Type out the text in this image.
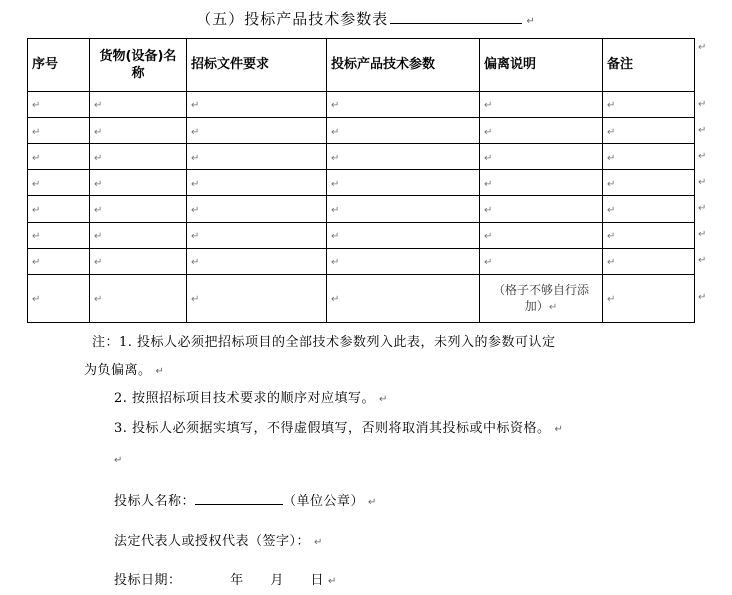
（五）投标产品技术参数表	↵
序号	货物(设备)名称	招标文件要求	投标产品技术参数	偏离说明	备注
↵	↵	↵	↵	↵	↵
↵	↵	↵	↵	↵	↵
↵	↵	↵	↵	↵	↵
↵	↵	↵	↵	↵	↵
↵	↵	↵	↵	↵	↵
↵	↵	↵	↵	↵	↵
↵	↵	↵	↵	↵	↵
↵	↵	↵	↵	（格子不够自行添加）↵	↵
↵
↵
↵
↵
↵
↵
↵
↵
↵
注：1. 投标人必须把招标项目的全部技术参数列入此表，未列入的参数可认定
为负偏离。 ↵
2. 按照招标项目技术要求的顺序对应填写。 ↵
3. 投标人必须据实填写，不得虚假填写，否则将取消其投标或中标资格。 ↵
↵
投标人名称：	（单位公章） ↵
法定代表人或授权代表（签字）： ↵
投标日期：	年 月 日 ↵
